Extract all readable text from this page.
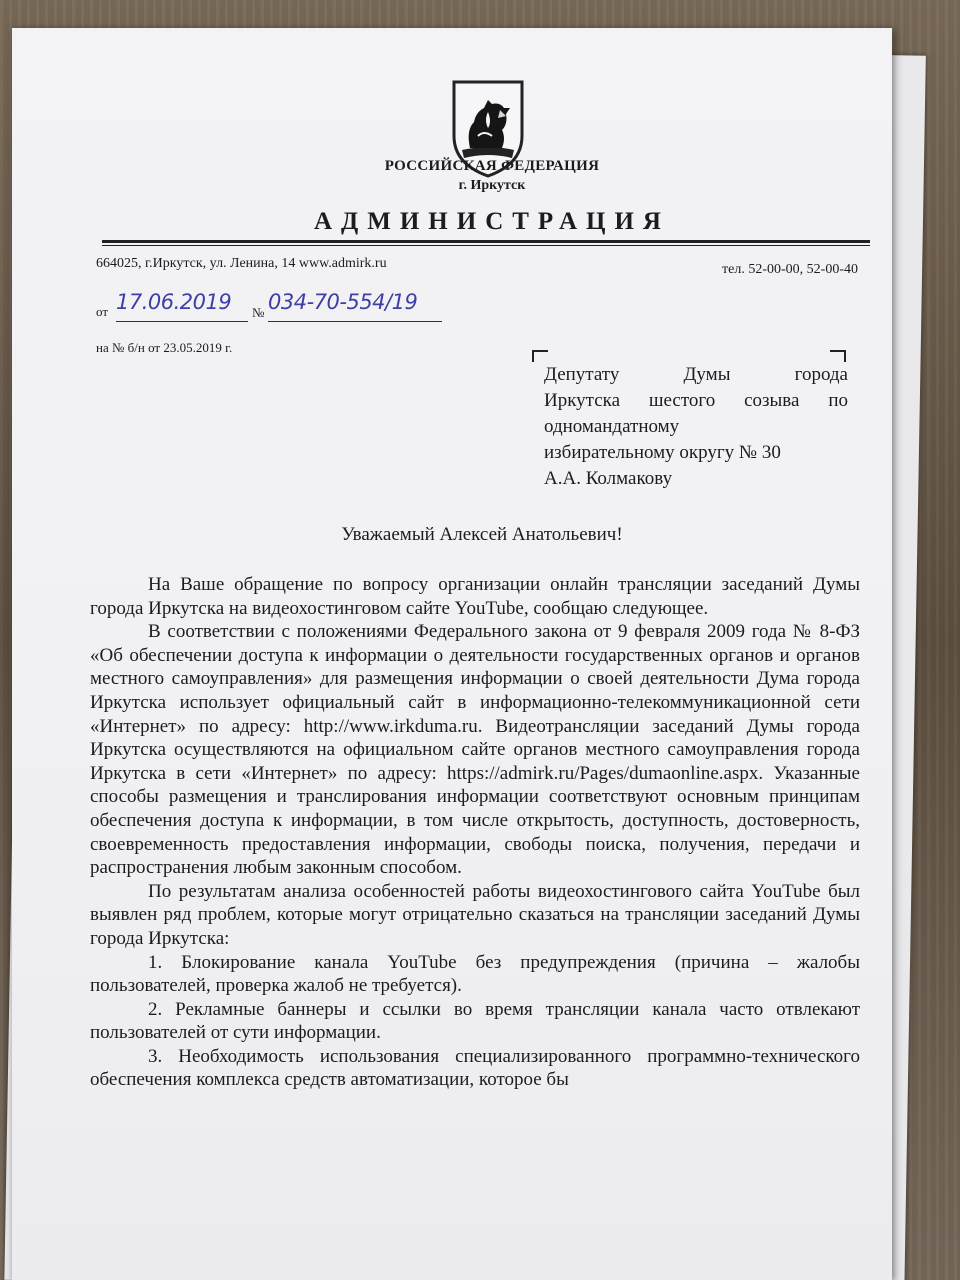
РОССИЙСКАЯ ФЕДЕРАЦИЯ
г. Иркутск
АДМИНИСТРАЦИЯ
664025, г.Иркутск, ул. Ленина, 14 www.admirk.ru	тел. 52-00-00, 52-00-40
от 17.06.2019	№ 034-70-554/19
на № б/н от 23.05.2019 г.
Депутату Думы города
Иркутска шестого созыва по
одномандатному
избирательному округу № 30
А.А. Колмакову
Уважаемый Алексей Анатольевич!

На Ваше обращение по вопросу организации онлайн трансляции заседаний Думы города Иркутска на видеохостинговом сайте YouTube, сообщаю следующее.

В соответствии с положениями Федерального закона от 9 февраля 2009 года № 8-ФЗ «Об обеспечении доступа к информации о деятельности государственных органов и органов местного самоуправления» для размещения информации о своей деятельности Дума города Иркутска использует официальный сайт в информационно-телекоммуникационной сети «Интернет» по адресу: http://www.irkduma.ru. Видеотрансляции заседаний Думы города Иркутска осуществляются на официальном сайте органов местного самоуправления города Иркутска в сети «Интернет» по адресу: https://admirk.ru/Pages/dumaonline.aspx. Указанные способы размещения и транслирования информации соответствуют основным принципам обеспечения доступа к информации, в том числе открытость, доступность, достоверность, своевременность предоставления информации, свободы поиска, получения, передачи и распространения любым законным способом.

По результатам анализа особенностей работы видеохостингового сайта YouTube был выявлен ряд проблем, которые могут отрицательно сказаться на трансляции заседаний Думы города Иркутска:

1. Блокирование канала YouTube без предупреждения (причина – жалобы пользователей, проверка жалоб не требуется).

2. Рекламные баннеры и ссылки во время трансляции канала часто отвлекают пользователей от сути информации.

3. Необходимость использования специализированного программно-технического обеспечения комплекса средств автоматизации, которое бы
